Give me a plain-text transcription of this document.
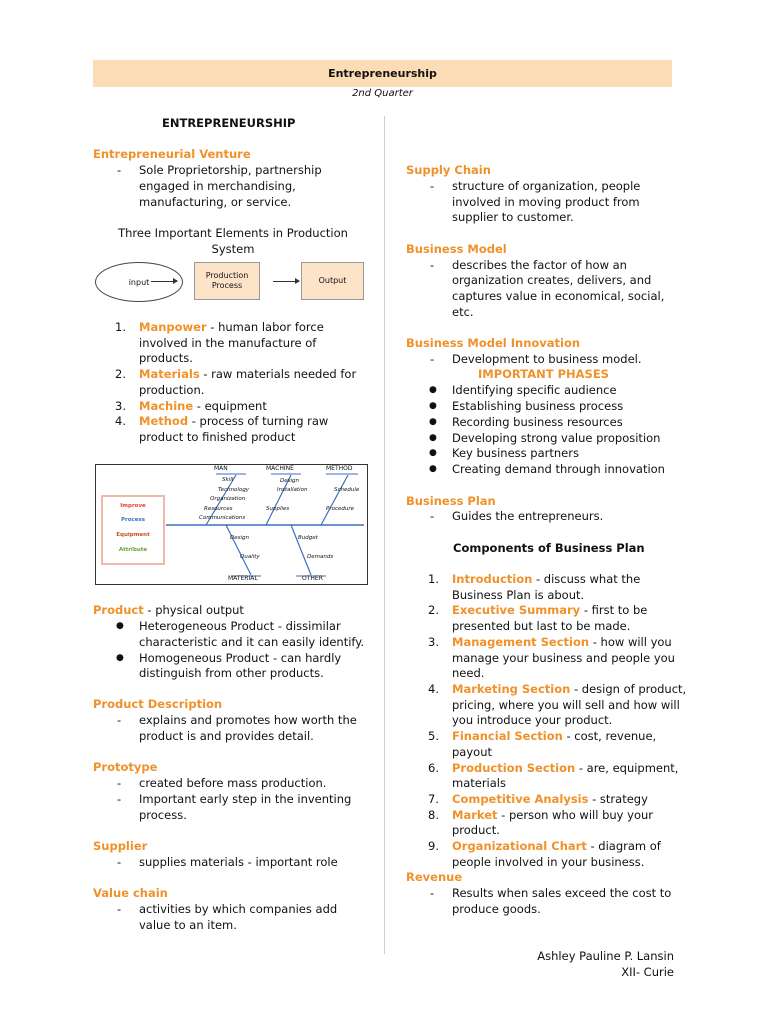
Entrepreneurship
2nd Quarter
ENTREPRENEURSHIP
Entrepreneurial Venture
- Sole Proprietorship, partnership
engaged in merchandising,
manufacturing, or service.
Three Important Elements in Production
System
input
Production
Process
Output
1. Manpower - human labor force
involved in the manufacture of
products.
2. Materials - raw materials needed for
production.
3. Machine - equipment
4. Method - process of turning raw
product to finished product
MAN	MACHINE	METHOD
MATERIAL	OTHER
Skill
Technology
Organization
Resources
Communications
Design
Installation
Supplies
Schedule
Procedure
Design
Quality
Budget
Demands
Improve
Process
Equipment
Attribute
Product - physical output
● Heterogeneous Product - dissimilar
characteristic and it can easily identify.
● Homogeneous Product - can hardly
distinguish from other products.
Product Description
- explains and promotes how worth the
product is and provides detail.
Prototype
- created before mass production.
- Important early step in the inventing
process.
Supplier
- supplies materials - important role
Value chain
- activities by which companies add
value to an item.
Supply Chain
- structure of organization, people
involved in moving product from
supplier to customer.
Business Model
- describes the factor of how an
organization creates, delivers, and
captures value in economical, social,
etc.
Business Model Innovation
- Development to business model.
IMPORTANT PHASES
● Identifying specific audience
● Establishing business process
● Recording business resources
● Developing strong value proposition
● Key business partners
● Creating demand through innovation
Business Plan
- Guides the entrepreneurs.
Components of Business Plan
1. Introduction - discuss what the
Business Plan is about.
2. Executive Summary - first to be
presented but last to be made.
3. Management Section - how will you
manage your business and people you
need.
4. Marketing Section - design of product,
pricing, where you will sell and how will
you introduce your product.
5. Financial Section - cost, revenue,
payout
6. Production Section - are, equipment,
materials
7. Competitive Analysis - strategy
8. Market - person who will buy your
product.
9. Organizational Chart - diagram of
people involved in your business.
Revenue
- Results when sales exceed the cost to
produce goods.
Ashley Pauline P. Lansin
XII- Curie
